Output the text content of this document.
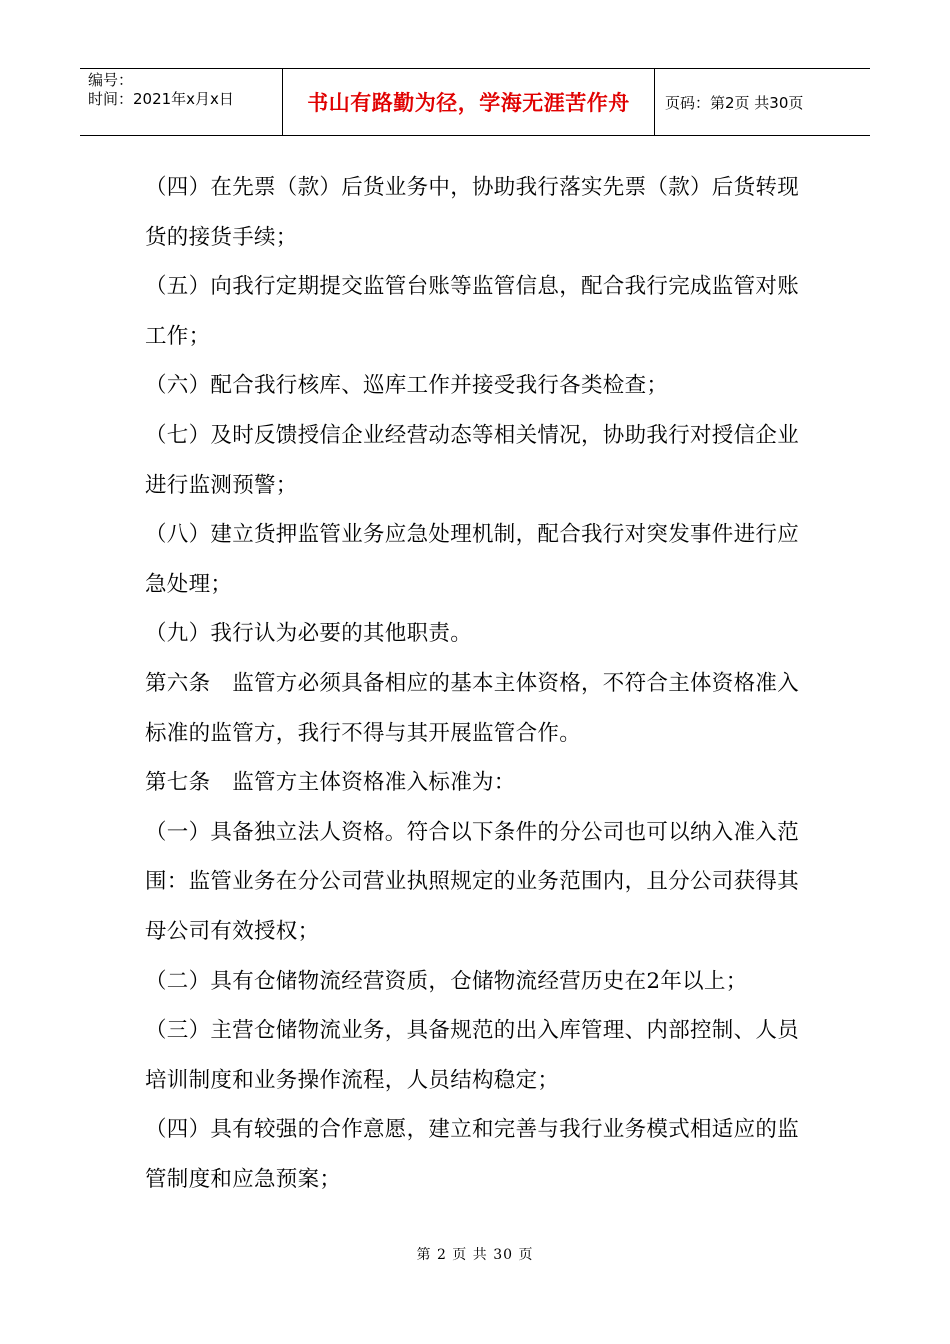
编号：
时间：2021年x月x日	书山有路勤为径，学海无涯苦作舟	页码：第2页 共30页

（四）在先票（款）后货业务中，协助我行落实先票（款）后货转现货的接货手续；

（五）向我行定期提交监管台账等监管信息，配合我行完成监管对账工作；

（六）配合我行核库、巡库工作并接受我行各类检查；

（七）及时反馈授信企业经营动态等相关情况，协助我行对授信企业进行监测预警；

（八）建立货押监管业务应急处理机制，配合我行对突发事件进行应急处理；

（九）我行认为必要的其他职责。

第六条　监管方必须具备相应的基本主体资格，不符合主体资格准入标准的监管方，我行不得与其开展监管合作。

第七条　监管方主体资格准入标准为：

（一）具备独立法人资格。符合以下条件的分公司也可以纳入准入范围：监管业务在分公司营业执照规定的业务范围内，且分公司获得其母公司有效授权；

（二）具有仓储物流经营资质，仓储物流经营历史在2年以上；

（三）主营仓储物流业务，具备规范的出入库管理、内部控制、人员培训制度和业务操作流程，人员结构稳定；

（四）具有较强的合作意愿，建立和完善与我行业务模式相适应的监管制度和应急预案；

第 2 页 共 30 页
